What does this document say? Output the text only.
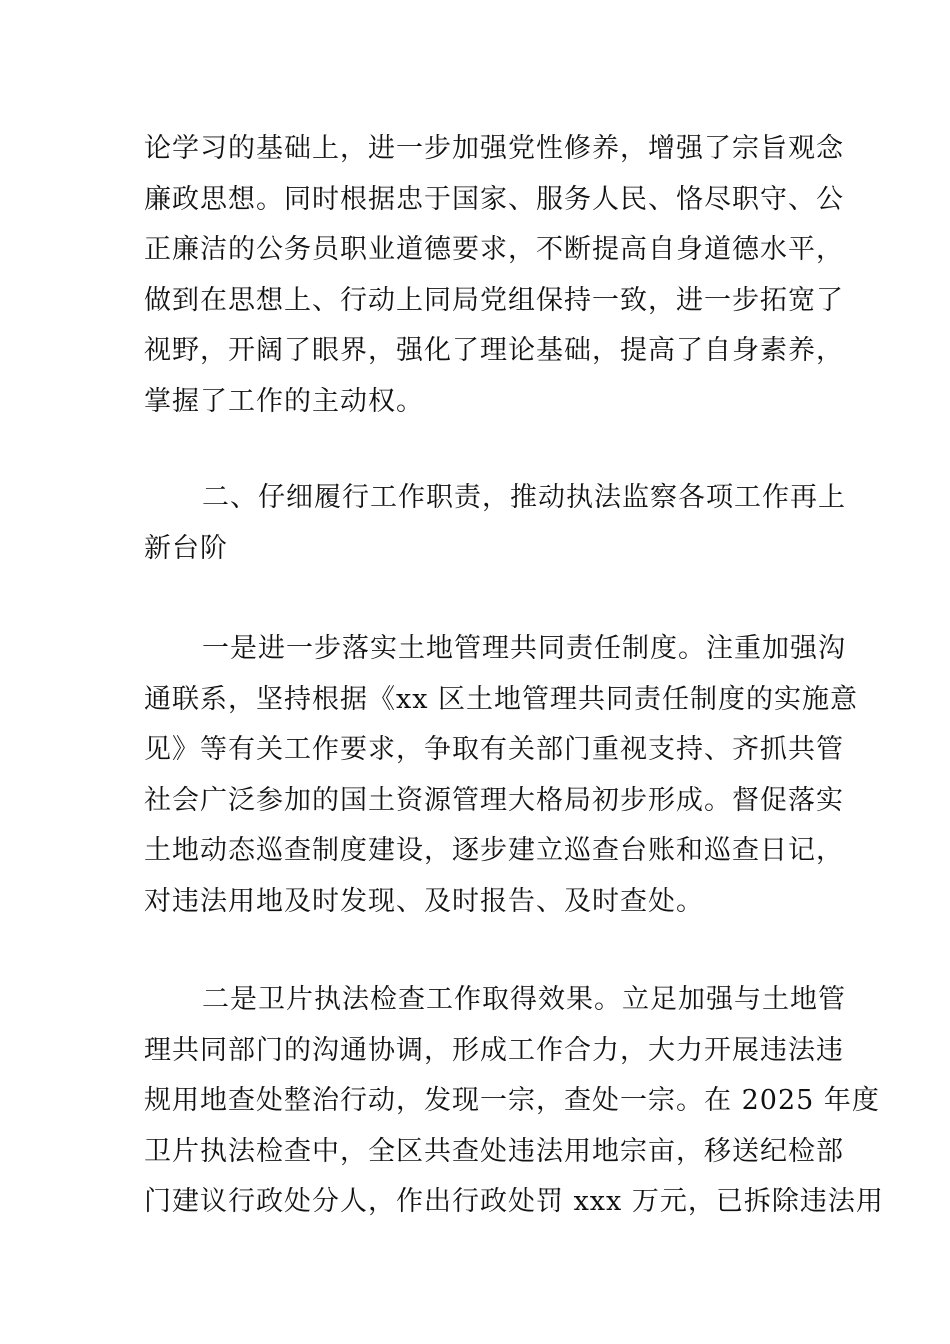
论学习的基础上，进一步加强党性修养，增强了宗旨观念
廉政思想。同时根据忠于国家、服务人民、恪尽职守、公
正廉洁的公务员职业道德要求，不断提高自身道德水平，
做到在思想上、行动上同局党组保持一致，进一步拓宽了
视野，开阔了眼界，强化了理论基础，提高了自身素养，
掌握了工作的主动权。
二、仔细履行工作职责，推动执法监察各项工作再上
新台阶
一是进一步落实土地管理共同责任制度。注重加强沟
通联系，坚持根据《xx 区土地管理共同责任制度的实施意
见》等有关工作要求，争取有关部门重视支持、齐抓共管
社会广泛参加的国土资源管理大格局初步形成。督促落实
土地动态巡查制度建设，逐步建立巡查台账和巡查日记，
对违法用地及时发现、及时报告、及时查处。
二是卫片执法检查工作取得效果。立足加强与土地管
理共同部门的沟通协调，形成工作合力，大力开展违法违
规用地查处整治行动，发现一宗，查处一宗。在 2025 年度
卫片执法检查中，全区共查处违法用地宗亩，移送纪检部
门建议行政处分人，作出行政处罚 xxx 万元，已拆除违法用
